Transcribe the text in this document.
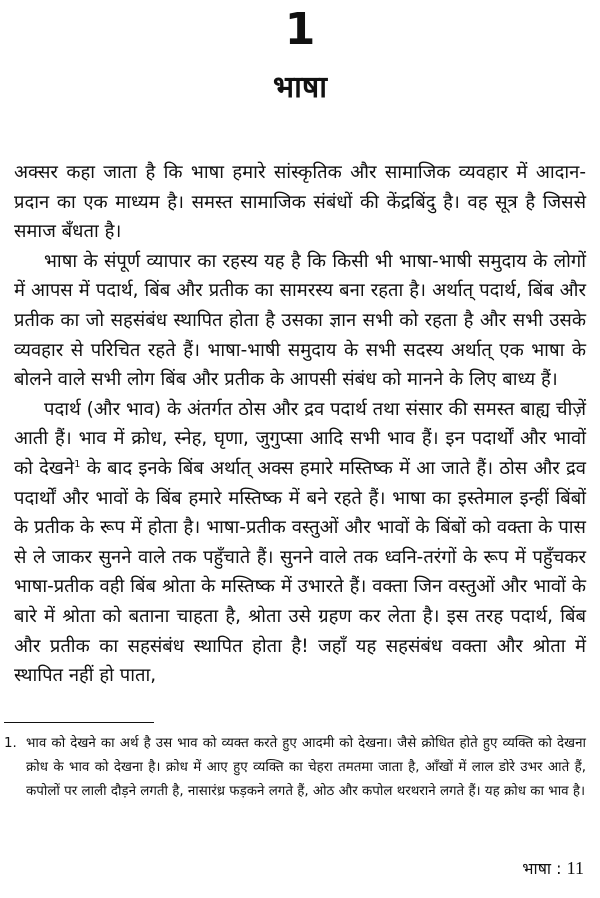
1
भाषा

अक्सर कहा जाता है कि भाषा हमारे सांस्कृतिक और सामाजिक व्यवहार में आदान-प्रदान का एक माध्यम है। समस्त सामाजिक संबंधों की केंद्रबिंदु है। वह सूत्र है जिससे समाज बँधता है।

भाषा के संपूर्ण व्यापार का रहस्य यह है कि किसी भी भाषा-भाषी समुदाय के लोगों में आपस में पदार्थ, बिंब और प्रतीक का सामरस्य बना रहता है। अर्थात् पदार्थ, बिंब और प्रतीक का जो सहसंबंध स्थापित होता है उसका ज्ञान सभी को रहता है और सभी उसके व्यवहार से परिचित रहते हैं। भाषा-भाषी समुदाय के सभी सदस्य अर्थात् एक भाषा के बोलने वाले सभी लोग बिंब और प्रतीक के आपसी संबंध को मानने के लिए बाध्य हैं।

पदार्थ (और भाव) के अंतर्गत ठोस और द्रव पदार्थ तथा संसार की समस्त बाह्य चीज़ें आती हैं। भाव में क्रोध, स्नेह, घृणा, जुगुप्सा आदि सभी भाव हैं। इन पदार्थों और भावों को देखने$^1$ के बाद इनके बिंब अर्थात् अक्स हमारे मस्तिष्क में आ जाते हैं। ठोस और द्रव पदार्थों और भावों के बिंब हमारे मस्तिष्क में बने रहते हैं। भाषा का इस्तेमाल इन्हीं बिंबों के प्रतीक के रूप में होता है। भाषा-प्रतीक वस्तुओं और भावों के बिंबों को वक्ता के पास से ले जाकर सुनने वाले तक पहुँचाते हैं। सुनने वाले तक ध्वनि-तरंगों के रूप में पहुँचकर भाषा-प्रतीक वही बिंब श्रोता के मस्तिष्क में उभारते हैं। वक्ता जिन वस्तुओं और भावों के बारे में श्रोता को बताना चाहता है, श्रोता उसे ग्रहण कर लेता है। इस तरह पदार्थ, बिंब और प्रतीक का सहसंबंध स्थापित होता है! जहाँ यह सहसंबंध वक्ता और श्रोता में स्थापित नहीं हो पाता,

1. भाव को देखने का अर्थ है उस भाव को व्यक्त करते हुए आदमी को देखना। जैसे क्रोधित होते हुए व्यक्ति को देखना क्रोध के भाव को देखना है। क्रोध में आए हुए व्यक्ति का चेहरा तमतमा जाता है, आँखों में लाल डोरे उभर आते हैं, कपोलों पर लाली दौड़ने लगती है, नासारंध्र फड़कने लगते हैं, ओठ और कपोल थरथराने लगते हैं। यह क्रोध का भाव है।
भाषा : 11
